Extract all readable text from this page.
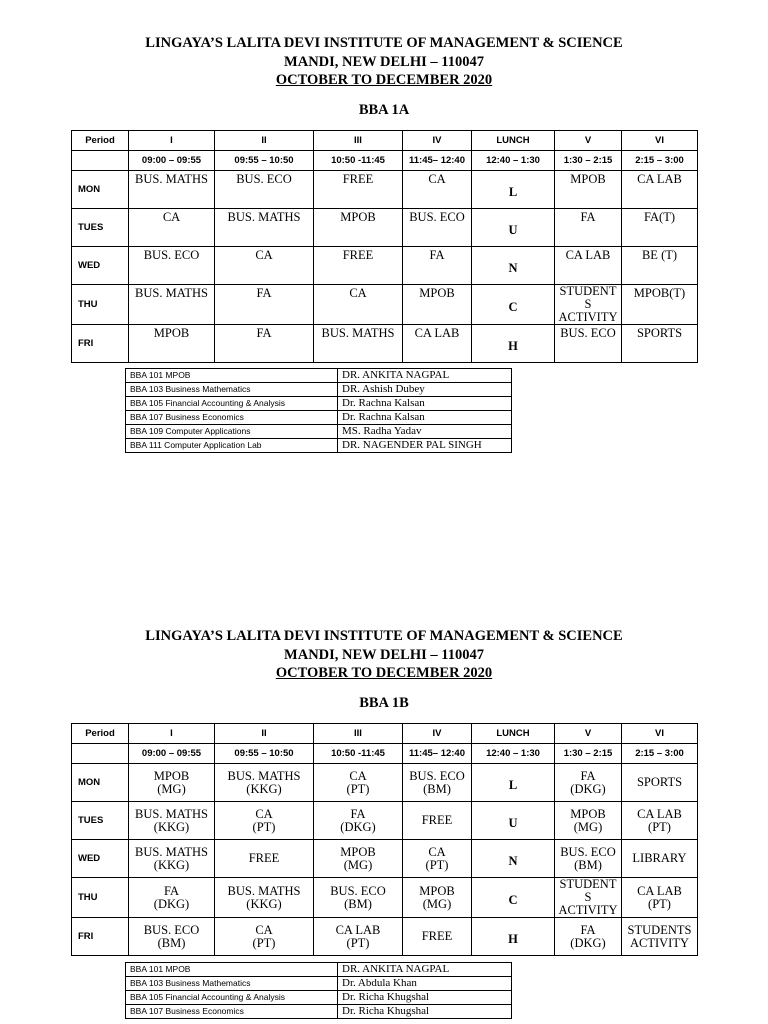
LINGAYA’S LALITA DEVI INSTITUTE OF MANAGEMENT & SCIENCE
MANDI, NEW DELHI – 110047
OCTOBER TO DECEMBER 2020
BBA 1A
Period	I	II	III	IV	LUNCH	V	VI
	09:00 – 09:55	09:55 – 10:50	10:50 -11:45	11:45– 12:40	12:40 – 1:30	1:30 – 2:15	2:15 – 3:00
MON	BUS. MATHS	BUS. ECO	FREE	CA	L	MPOB	CA LAB
TUES	CA	BUS. MATHS	MPOB	BUS. ECO	U	FA	FA(T)
WED	BUS. ECO	CA	FREE	FA	N	CA LAB	BE (T)
THU	BUS. MATHS	FA	CA	MPOB	C	STUDENT
S
ACTIVITY	MPOB(T)
FRI	MPOB	FA	BUS. MATHS	CA LAB	H	BUS. ECO	SPORTS
BBA 101 MPOB	DR. ANKITA NAGPAL
BBA 103 Business Mathematics	DR. Ashish Dubey
BBA 105 Financial Accounting & Analysis	Dr. Rachna Kalsan
BBA 107 Business Economics	Dr. Rachna Kalsan
BBA 109 Computer Applications	MS. Radha Yadav
BBA 111 Computer Application Lab	DR. NAGENDER PAL SINGH
LINGAYA’S LALITA DEVI INSTITUTE OF MANAGEMENT & SCIENCE
MANDI, NEW DELHI – 110047
OCTOBER TO DECEMBER 2020
BBA 1B
Period	I	II	III	IV	LUNCH	V	VI
	09:00 – 09:55	09:55 – 10:50	10:50 -11:45	11:45– 12:40	12:40 – 1:30	1:30 – 2:15	2:15 – 3:00
MON	MPOB
(MG)	BUS. MATHS
(KKG)	CA
(PT)	BUS. ECO
(BM)	L	FA
(DKG)	SPORTS
TUES	BUS. MATHS
(KKG)	CA
(PT)	FA
(DKG)	FREE	U	MPOB
(MG)	CA LAB
(PT)
WED	BUS. MATHS
(KKG)	FREE	MPOB
(MG)	CA
(PT)	N	BUS. ECO
(BM)	LIBRARY
THU	FA
(DKG)	BUS. MATHS
(KKG)	BUS. ECO
(BM)	MPOB
(MG)	C	STUDENT
S
ACTIVITY	CA LAB
(PT)
FRI	BUS. ECO
(BM)	CA
(PT)	CA LAB
(PT)	FREE	H	FA
(DKG)	STUDENTS
ACTIVITY
BBA 101 MPOB	DR. ANKITA NAGPAL
BBA 103 Business Mathematics	Dr. Abdula Khan
BBA 105 Financial Accounting & Analysis	Dr. Richa Khugshal
BBA 107 Business Economics	Dr. Richa Khugshal
